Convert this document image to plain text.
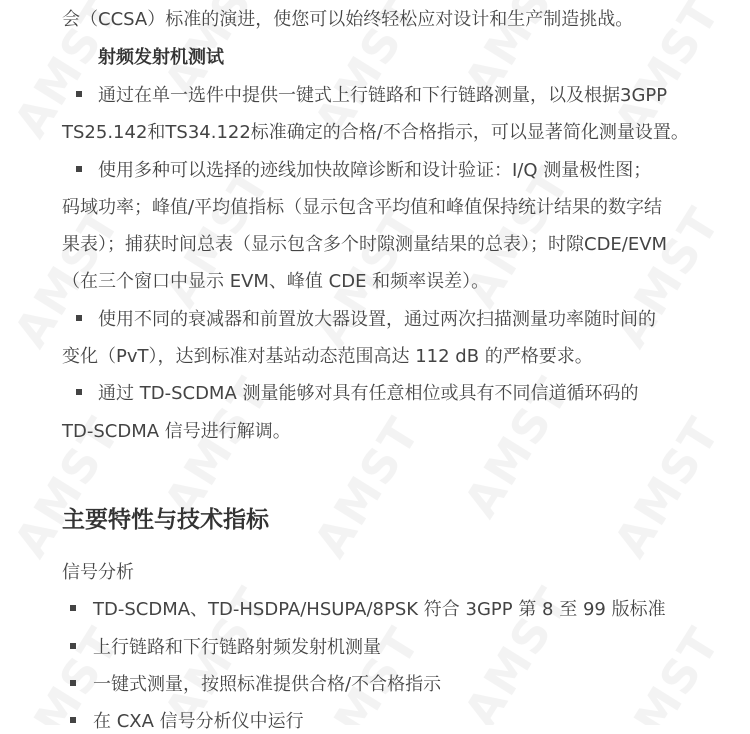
会（CCSA）标准的演进，使您可以始终轻松应对设计和生产制造挑战。
射频发射机测试
通过在单一选件中提供一键式上行链路和下行链路测量，以及根据3GPP
TS25.142和TS34.122标准确定的合格/不合格指示，可以显著简化测量设置。
使用多种可以选择的迹线加快故障诊断和设计验证：I/Q 测量极性图；
码域功率；峰值/平均值指标（显示包含平均值和峰值保持统计结果的数字结
果表）；捕获时间总表（显示包含多个时隙测量结果的总表）；时隙CDE/EVM
（在三个窗口中显示 EVM、峰值 CDE 和频率误差）。
使用不同的衰减器和前置放大器设置，通过两次扫描测量功率随时间的
变化（PvT），达到标准对基站动态范围高达 112 dB 的严格要求。
通过 TD-SCDMA 测量能够对具有任意相位或具有不同信道循环码的
TD-SCDMA 信号进行解调。
主要特性与技术指标
信号分析
TD-SCDMA、TD-HSDPA/HSUPA/8PSK 符合 3GPP 第 8 至 99 版标准
上行链路和下行链路射频发射机测量
一键式测量，按照标准提供合格/不合格指示
在 CXA 信号分析仪中运行
